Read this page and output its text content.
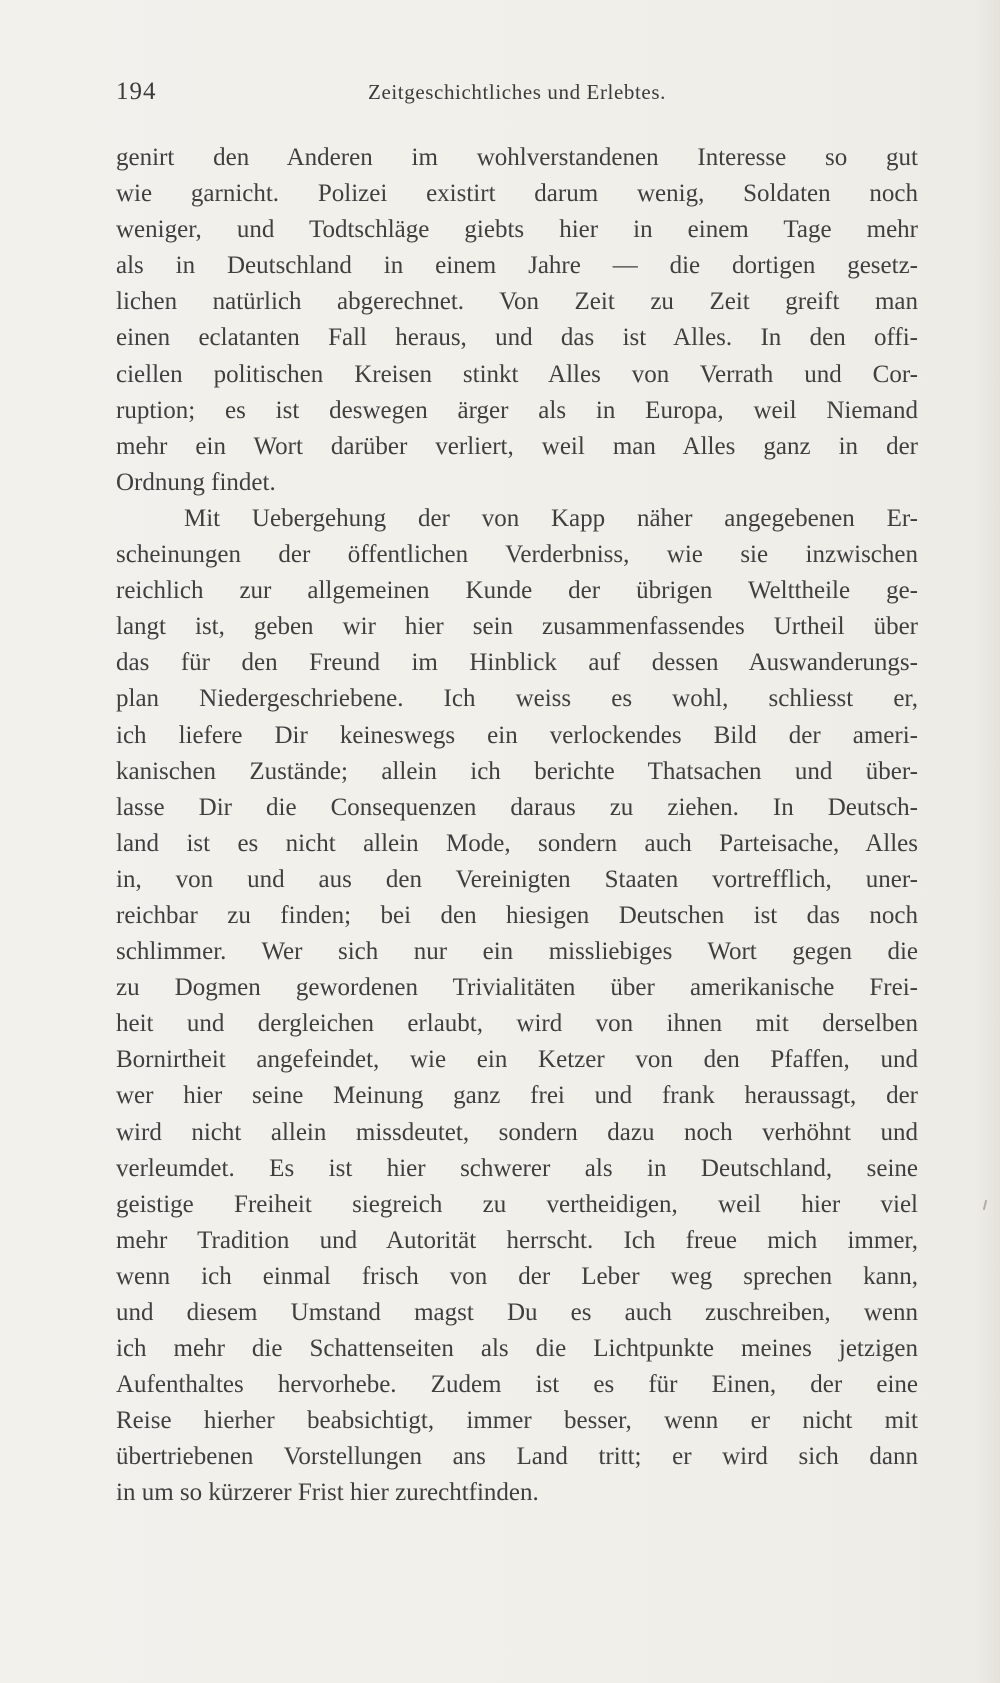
194	Zeitgeschichtliches und Erlebtes.
genirt den Anderen im wohlverstandenen Interesse so gut
wie garnicht. Polizei existirt darum wenig, Soldaten noch
weniger, und Todtschläge giebts hier in einem Tage mehr
als in Deutschland in einem Jahre — die dortigen gesetz-
lichen natürlich abgerechnet. Von Zeit zu Zeit greift man
einen eclatanten Fall heraus, und das ist Alles. In den offi-
ciellen politischen Kreisen stinkt Alles von Verrath und Cor-
ruption; es ist deswegen ärger als in Europa, weil Niemand
mehr ein Wort darüber verliert, weil man Alles ganz in der
Ordnung findet.
Mit Uebergehung der von Kapp näher angegebenen Er-
scheinungen der öffentlichen Verderbniss, wie sie inzwischen
reichlich zur allgemeinen Kunde der übrigen Welttheile ge-
langt ist, geben wir hier sein zusammenfassendes Urtheil über
das für den Freund im Hinblick auf dessen Auswanderungs-
plan Niedergeschriebene. Ich weiss es wohl, schliesst er,
ich liefere Dir keineswegs ein verlockendes Bild der ameri-
kanischen Zustände; allein ich berichte Thatsachen und über-
lasse Dir die Consequenzen daraus zu ziehen. In Deutsch-
land ist es nicht allein Mode, sondern auch Parteisache, Alles
in, von und aus den Vereinigten Staaten vortrefflich, uner-
reichbar zu finden; bei den hiesigen Deutschen ist das noch
schlimmer. Wer sich nur ein missliebiges Wort gegen die
zu Dogmen gewordenen Trivialitäten über amerikanische Frei-
heit und dergleichen erlaubt, wird von ihnen mit derselben
Bornirtheit angefeindet, wie ein Ketzer von den Pfaffen, und
wer hier seine Meinung ganz frei und frank heraussagt, der
wird nicht allein missdeutet, sondern dazu noch verhöhnt und
verleumdet. Es ist hier schwerer als in Deutschland, seine
geistige Freiheit siegreich zu vertheidigen, weil hier viel
mehr Tradition und Autorität herrscht. Ich freue mich immer,
wenn ich einmal frisch von der Leber weg sprechen kann,
und diesem Umstand magst Du es auch zuschreiben, wenn
ich mehr die Schattenseiten als die Lichtpunkte meines jetzigen
Aufenthaltes hervorhebe. Zudem ist es für Einen, der eine
Reise hierher beabsichtigt, immer besser, wenn er nicht mit
übertriebenen Vorstellungen ans Land tritt; er wird sich dann
in um so kürzerer Frist hier zurechtfinden.
